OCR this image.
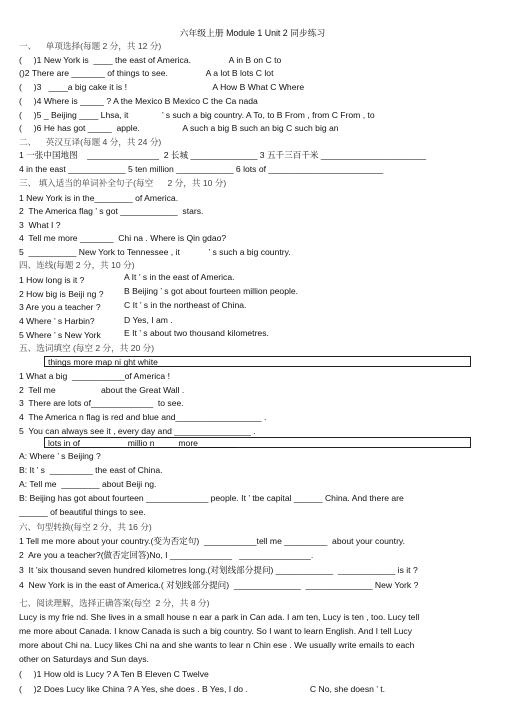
六年级上册 Module 1 Unit 2 同步练习
一、    单项选择(每题 2 分，共 12 分)
(     )1 New York is  ____ the east of America.                A in B on C to
()2 There are _______ of things to see.                A a lot B lots C lot
(     )3   ____a big cake it is !                                    A How B What C Where
(     )4 Where is _____ ? A the Mexico B Mexico C the Ca nada
(     )5 _ Beijing ____ Lhsa, it              ’ s such a big country. A To, to B From , from C From , to
(     )6 He has got _____  apple.                  A such a big B such an big C such big an
二、    英汉互译(每题 4 分，共 24 分)
1 一张中国地图    _______________  2 长城 ______________ 3 五千三百千米 ______________________
4 in the east ____________ 5 ten million ____________ 6 lots of ________________________
三、 填入适当的单词补全句子(每空      2 分，共 10 分)
1 New York is in the________ of America.
2  The America flag ’ s got ____________  stars.
3  What I ?
4  Tell me more _______  Chi na . Where is Qin gdao?
5  __________ New York to Tennessee , it            ’ s such a big country.
四、连线(每题 2 分，共 10 分)
1 How long is it ?
2 How big is Beiji ng ?
3 Are you a teacher ?
4 Where ’ s Harbin?
5 Where ’ s New York
A It ’ s in the east of America.
B Beijing ’ s got about fourteen million people.
C It ’ s in the northeast of China.
D Yes, I am .
E It ’ s about two thousand kilometres.
五、选词填空 (每空 2 分，共 20 分)
things more map ni ght white
1 What a big  ___________of America !
2  Tell me                   about the Great Wall .
3  There are lots of_____________  to see.
4  The America n flag is red and blue and__________________ .
5  You can always see it , every day and ________________ .
lots in of                    millio n          more________
A: Where ’ s Beijing ?
B: It ’ s  _________ the east of China.
A: Tell me  ________ about Beiji ng.
B: Beijing has got about fourteen _____________ people. It ’ tbe capital ______ China. And there are
______ of beautiful things to see.
六、句型转换(每空 2 分，共 16 分)
1 Tell me more about your country.(变为否定句)  ___________tell me _________  about your country.
2  Are you a teacher?(做否定回答)No, I _____________   _______________.
3  It ’six thousand seven hundred kilometres long.(对划线部分提问) ____________  ____________ is it ?
4  New York is in the east of America.( 对划线部分提问)  ______________  ______________ New York ?
七、阅读理解，选择正确答案(每空  2 分，共 8 分)
Lucy is my frie nd. She lives in a small house n ear a park in Can ada. I am ten, Lucy is ten , too. Lucy tell
me more about Canada. I know Canada is such a big country. So I want to learn English. And I tell Lucy
more about Chi na. Lucy likes Chi na and she wants to lear n Chin ese . We usually write emails to each
other on Saturdays and Sun days.
(     )1 How old is Lucy ? A Ten B Eleven C Twelve
(     )2 Does Lucy like China ? A Yes, she does . B Yes, I do .                          C No, she doesn ’ t.
